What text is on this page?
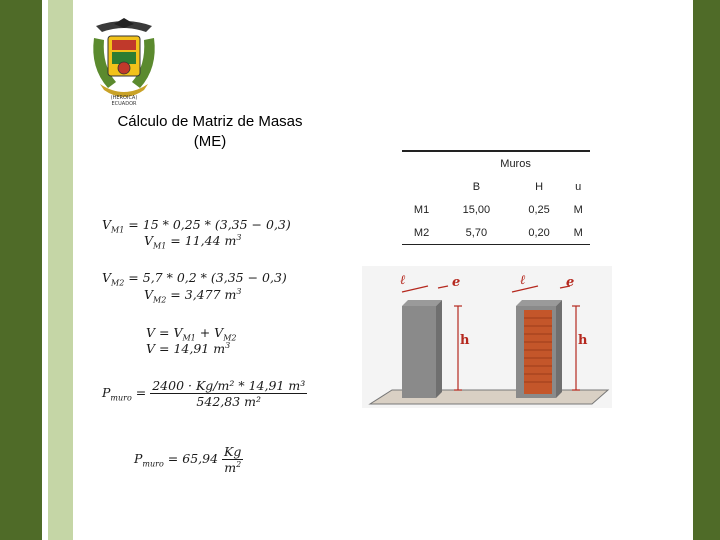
(HEROICA)
ECUADOR
Cálculo de Matriz de Masas
(ME)
$V_{M1} = 15 * 0,25 * (3,35 - 0,3)$
$V_{M1} = 11,44$ $m^3$
$V_{M2} = 5,7 * 0,2 * (3,35 - 0,3)$
$V_{M2} = 3,477$ $m^3$
$V = V_{M1} + V_{M2}$
V = 14,91 $m^3$
$P_{muro} = \frac{\text{2400 · Kg/m² * 14,91 m³}}{\text{542,83 m²}}$
$P_{muro} = 65,94 \frac{Kg}{m^2}$
	Muros		
	B	H	u
M1	15,00	0,25	M
M2	5,70	0,20	M
ℓ	e
h
ℓ	e
h
